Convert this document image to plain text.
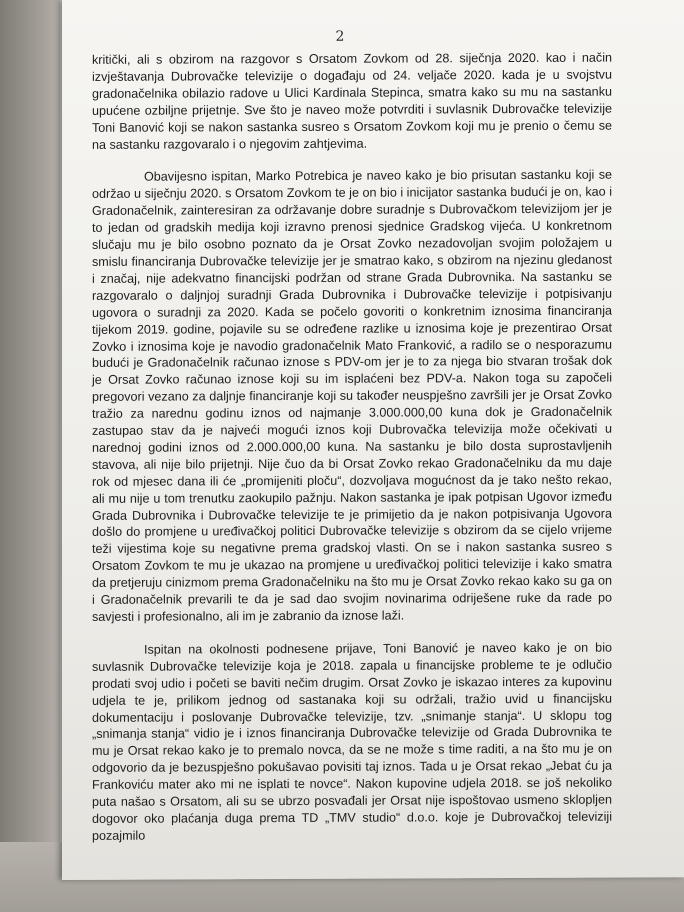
2

kritički, ali s obzirom na razgovor s Orsatom Zovkom od 28. siječnja 2020. kao i način izvještavanja Dubrovačke televizije o događaju od 24. veljače 2020. kada je u svojstvu gradonačelnika obilazio radove u Ulici Kardinala Stepinca, smatra kako su mu na sastanku upućene ozbiljne prijetnje. Sve što je naveo može potvrditi i suvlasnik Dubrovačke televizije Toni Banović koji se nakon sastanka susreo s Orsatom Zovkom koji mu je prenio o čemu se na sastanku razgovaralo i o njegovim zahtjevima.

Obavijesno ispitan, Marko Potrebica je naveo kako je bio prisutan sastanku koji se održao u siječnju 2020. s Orsatom Zovkom te je on bio i inicijator sastanka budući je on, kao i Gradonačelnik, zainteresiran za održavanje dobre suradnje s Dubrovačkom televizijom jer je to jedan od gradskih medija koji izravno prenosi sjednice Gradskog vijeća. U konkretnom slučaju mu je bilo osobno poznato da je Orsat Zovko nezadovoljan svojim položajem u smislu financiranja Dubrovačke televizije jer je smatrao kako, s obzirom na njezinu gledanost i značaj, nije adekvatno financijski podržan od strane Grada Dubrovnika. Na sastanku se razgovaralo o daljnjoj suradnji Grada Dubrovnika i Dubrovačke televizije i potpisivanju ugovora o suradnji za 2020. Kada se počelo govoriti o konkretnim iznosima financiranja tijekom 2019. godine, pojavile su se određene razlike u iznosima koje je prezentirao Orsat Zovko i iznosima koje je navodio gradonačelnik Mato Franković, a radilo se o nesporazumu budući je Gradonačelnik računao iznose s PDV-om jer je to za njega bio stvaran trošak dok je Orsat Zovko računao iznose koji su im isplaćeni bez PDV-a. Nakon toga su započeli pregovori vezano za daljnje financiranje koji su također neuspješno završili jer je Orsat Zovko tražio za narednu godinu iznos od najmanje 3.000.000,00 kuna dok je Gradonačelnik zastupao stav da je najveći mogući iznos koji Dubrovačka televizija može očekivati u narednoj godini iznos od 2.000.000,00 kuna. Na sastanku je bilo dosta suprostavljenih stavova, ali nije bilo prijetnji. Nije čuo da bi Orsat Zovko rekao Gradonačelniku da mu daje rok od mjesec dana ili će „promijeniti ploču“, dozvoljava mogućnost da je tako nešto rekao, ali mu nije u tom trenutku zaokupilo pažnju. Nakon sastanka je ipak potpisan Ugovor između Grada Dubrovnika i Dubrovačke televizije te je primijetio da je nakon potpisivanja Ugovora došlo do promjene u uređivačkoj politici Dubrovačke televizije s obzirom da se cijelo vrijeme teži vijestima koje su negativne prema gradskoj vlasti. On se i nakon sastanka susreo s Orsatom Zovkom te mu je ukazao na promjene u uređivačkoj politici televizije i kako smatra da pretjeruju cinizmom prema Gradonačelniku na što mu je Orsat Zovko rekao kako su ga on i Gradonačelnik prevarili te da je sad dao svojim novinarima odriješene ruke da rade po savjesti i profesionalno, ali im je zabranio da iznose laži.

Ispitan na okolnosti podnesene prijave, Toni Banović je naveo kako je on bio suvlasnik Dubrovačke televizije koja je 2018. zapala u financijske probleme te je odlučio prodati svoj udio i početi se baviti nečim drugim. Orsat Zovko je iskazao interes za kupovinu udjela te je, prilikom jednog od sastanaka koji su održali, tražio uvid u financijsku dokumentaciju i poslovanje Dubrovačke televizije, tzv. „snimanje stanja“. U sklopu tog „snimanja stanja“ vidio je i iznos financiranja Dubrovačke televizije od Grada Dubrovnika te mu je Orsat rekao kako je to premalo novca, da se ne može s time raditi, a na što mu je on odgovorio da je bezuspješno pokušavao povisiti taj iznos. Tada u je Orsat rekao „Jebat ću ja Frankoviću mater ako mi ne isplati te novce“. Nakon kupovine udjela 2018. se još nekoliko puta našao s Orsatom, ali su se ubrzo posvađali jer Orsat nije ispoštovao usmeno sklopljen dogovor oko plaćanja duga prema TD „TMV studio“ d.o.o. koje je Dubrovačkoj televiziji pozajmilo
